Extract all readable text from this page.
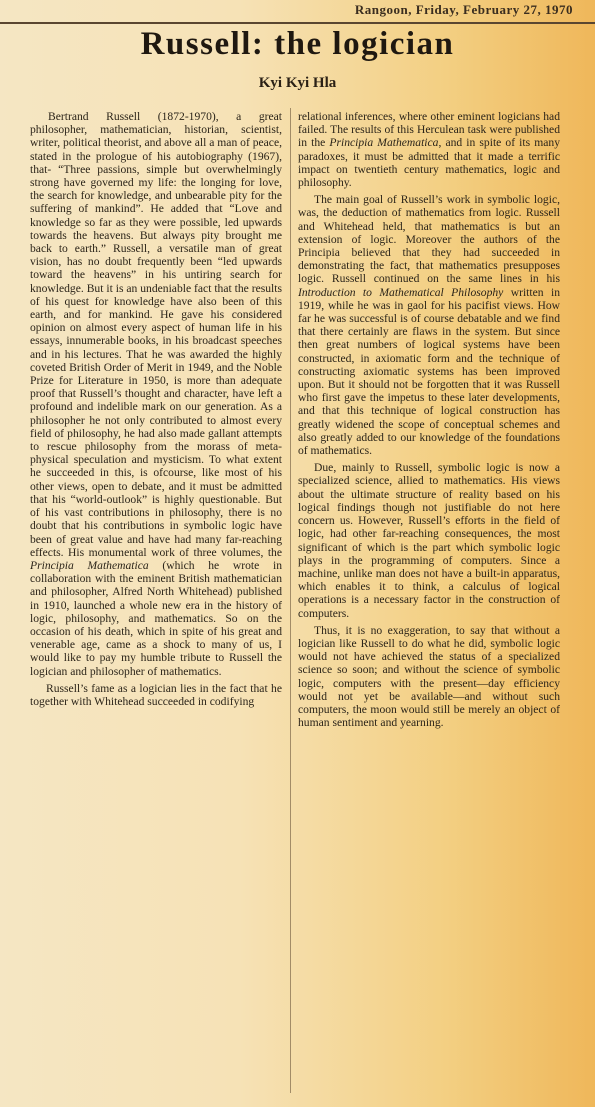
Rangoon, Friday, February 27, 1970
Russell: the logician
Kyi Kyi Hla

Bertrand Russell (1872-1970), a great philosopher, mathematician, historian, scientist, writer, political theorist, and above all a man of peace, stated in the prologue of his autobiography (1967), that- “Three passions, simple but overwhelmingly strong have governed my life: the longing for love, the search for knowledge, and unbearable pity for the suffering of mankind”. He added that “Love and knowledge so far as they were possible, led upwards towards the heavens. But always pity brought me back to earth.” Russell, a versatile man of great vision, has no doubt frequently been “led upwards toward the heavens” in his untiring search for knowledge. But it is an undeniable fact that the results of his quest for knowledge have also been of this earth, and for mankind. He gave his considered opinion on almost every aspect of human life in his essays, innumerable books, in his broadcast speeches and in his lectures. That he was awarded the highly coveted British Order of Merit in 1949, and the Noble Prize for Literature in 1950, is more than adequate proof that Russell’s thought and character, have left a profound and indelible mark on our generation. As a philosopher he not only contributed to almost every field of philosophy, he had also made gallant attempts to rescue philosophy from the morass of meta-physical speculation and mysticism. To what extent he succeeded in this, is ofcourse, like most of his other views, open to debate, and it must be admitted that his “world-outlook” is highly questionable. But of his vast contributions in philosophy, there is no doubt that his contributions in symbolic logic have been of great value and have had many far-reaching effects. His monumental work of three volumes, the Principia Mathematica (which he wrote in collaboration with the eminent British mathematician and philosopher, Alfred North Whitehead) published in 1910, launched a whole new era in the history of logic, philosophy, and mathematics. So on the occasion of his death, which in spite of his great and venerable age, came as a shock to many of us, I would like to pay my humble tribute to Russell the logician and philosopher of mathematics.

Russell’s fame as a logician lies in the fact that he together with Whitehead succeeded in codifying

relational inferences, where other eminent logicians had failed. The results of this Herculean task were published in the Principia Mathematica, and in spite of its many paradoxes, it must be admitted that it made a terrific impact on twentieth century mathematics, logic and philosophy.

The main goal of Russell’s work in symbolic logic, was, the deduction of mathematics from logic. Russell and Whitehead held, that mathematics is but an extension of logic. Moreover the authors of the Principia believed that they had succeeded in demonstrating the fact, that mathematics presupposes logic. Russell continued on the same lines in his Introduction to Mathematical Philosophy written in 1919, while he was in gaol for his pacifist views. How far he was successful is of course debatable and we find that there certainly are flaws in the system. But since then great numbers of logical systems have been constructed, in axiomatic form and the technique of constructing axiomatic systems has been improved upon. But it should not be forgotten that it was Russell who first gave the impetus to these later developments, and that this technique of logical construction has greatly widened the scope of conceptual schemes and also greatly added to our knowledge of the foundations of mathematics.

Due, mainly to Russell, symbolic logic is now a specialized science, allied to mathematics. His views about the ultimate structure of reality based on his logical findings though not justifiable do not here concern us. However, Russell’s efforts in the field of logic, had other far-reaching consequences, the most significant of which is the part which symbolic logic plays in the programming of computers. Since a machine, unlike man does not have a built-in apparatus, which enables it to think, a calculus of logical operations is a necessary factor in the construction of computers.

Thus, it is no exaggeration, to say that without a logician like Russell to do what he did, symbolic logic would not have achieved the status of a specialized science so soon; and without the science of symbolic logic, computers with the present—day efficiency would not yet be available—and without such computers, the moon would still be merely an object of human sentiment and yearning.
